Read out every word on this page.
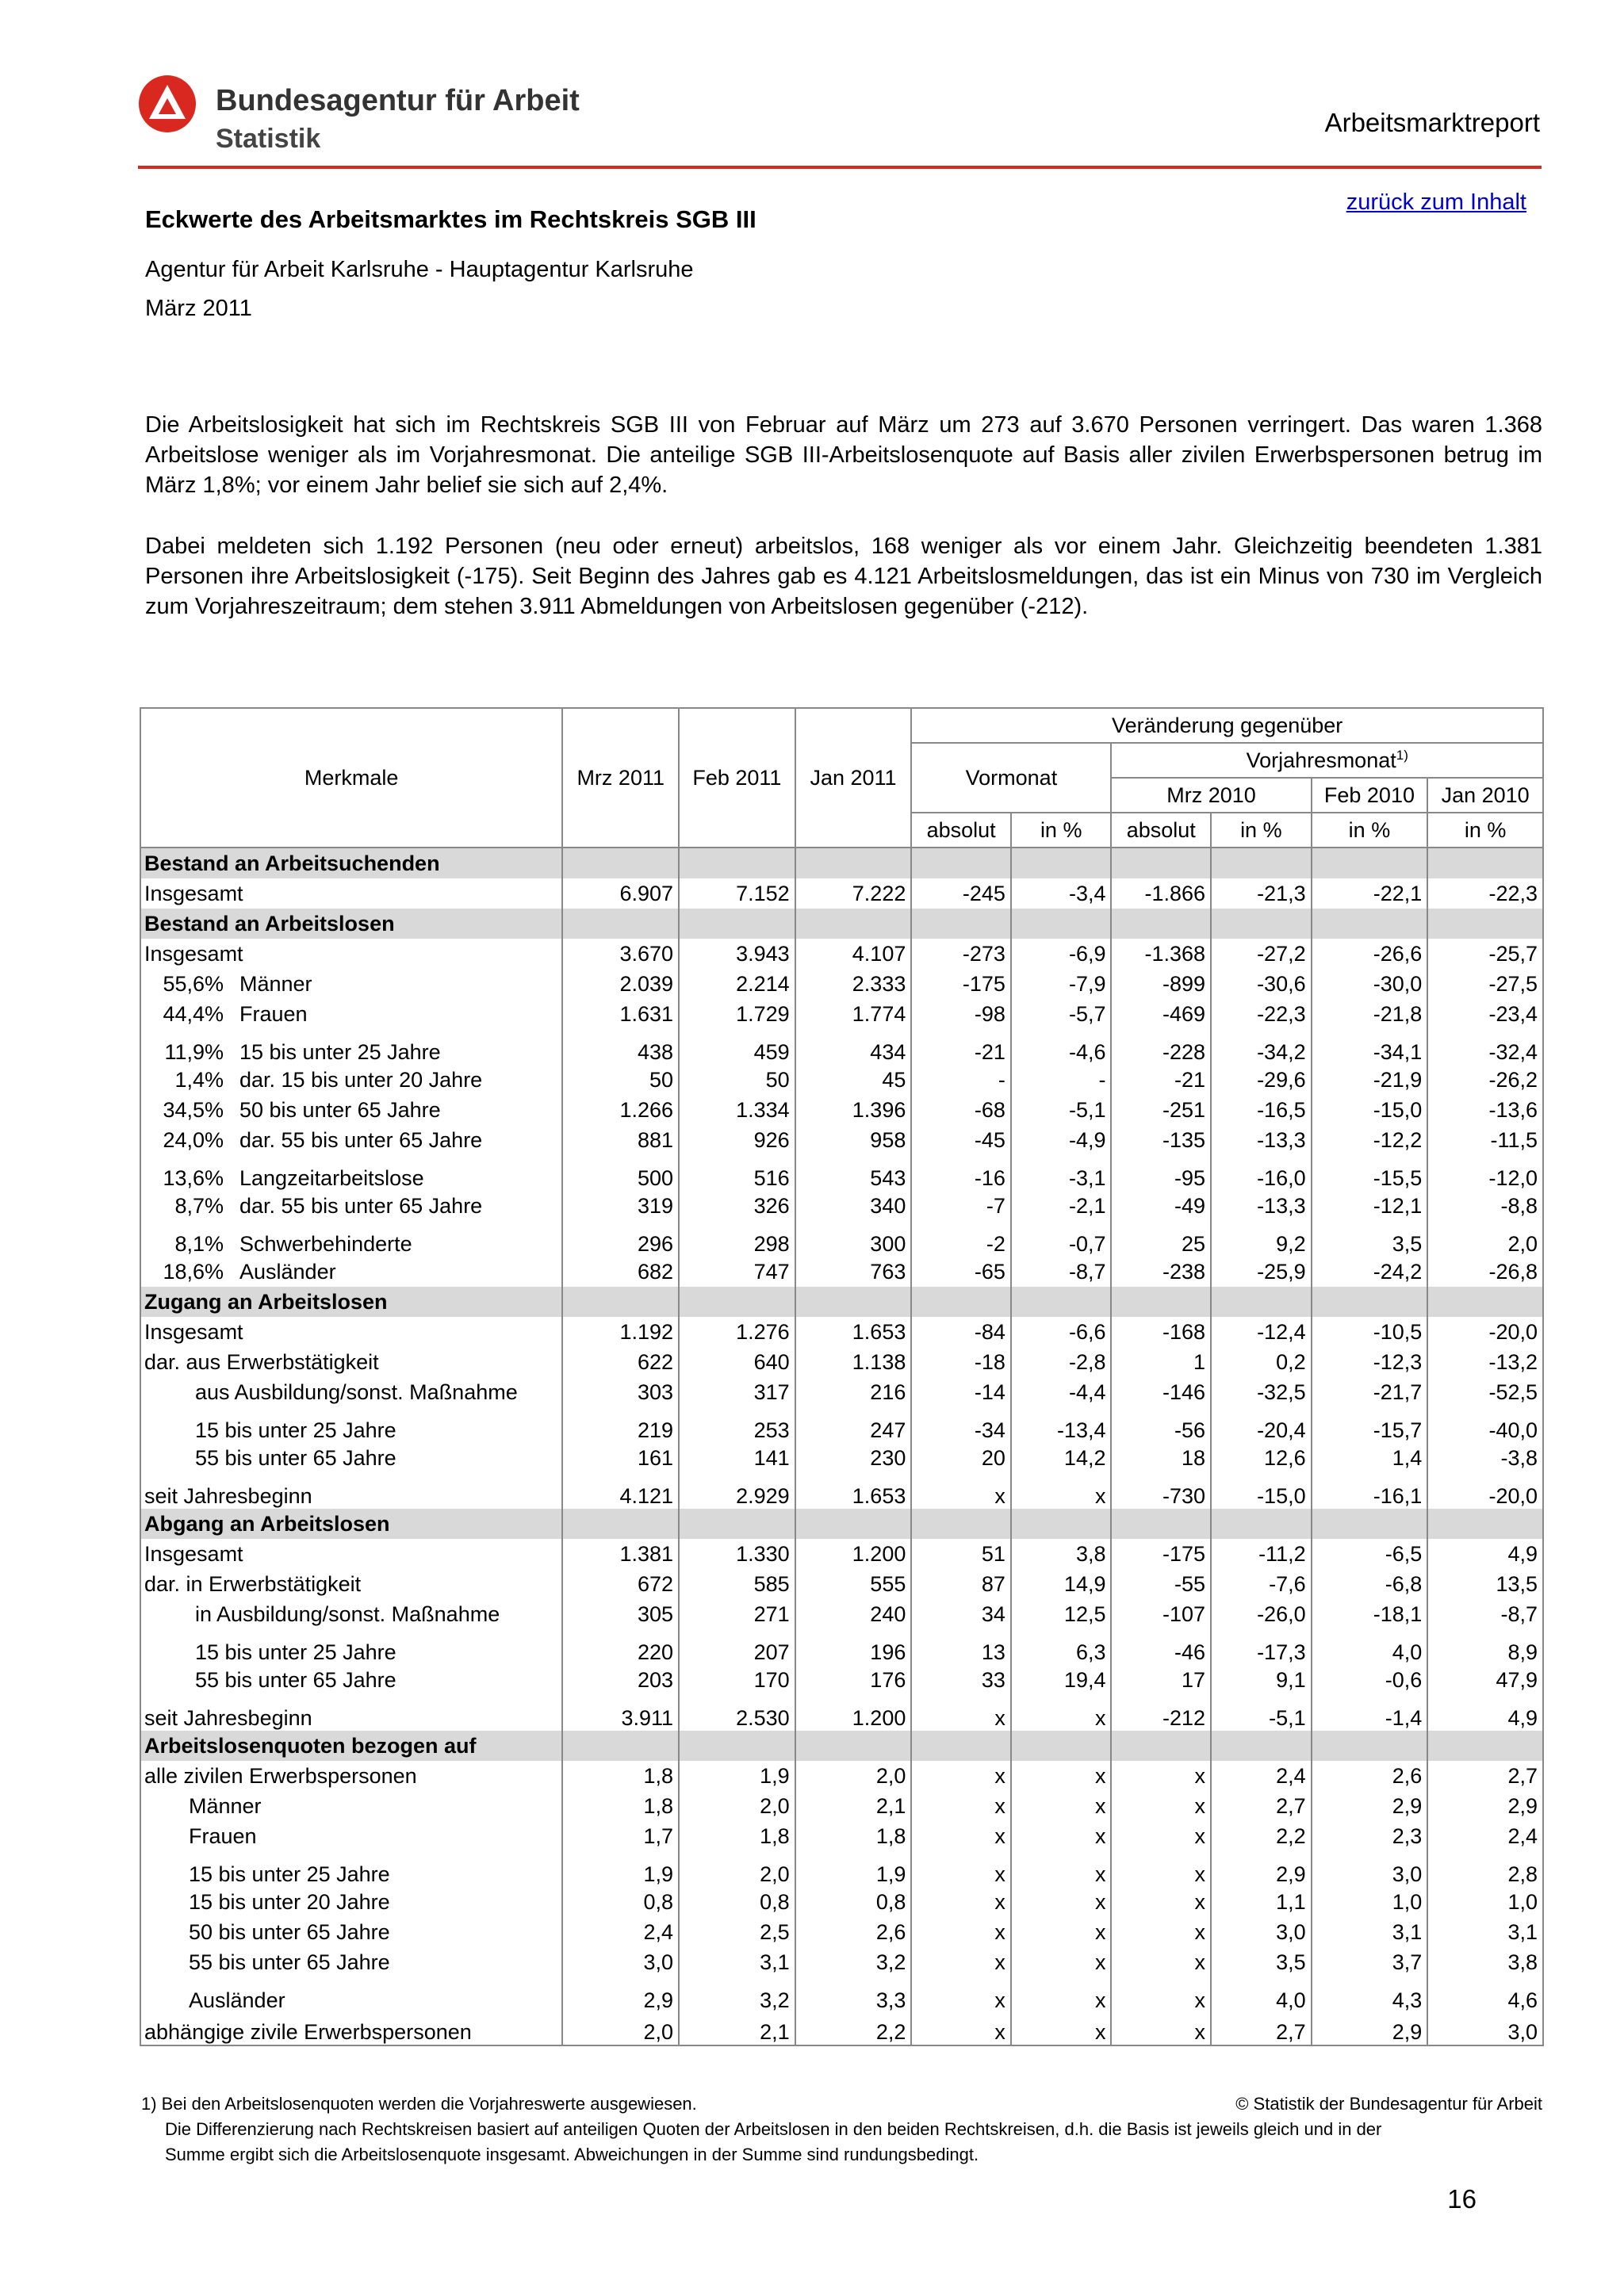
Bundesagentur für Arbeit
Statistik
Arbeitsmarktreport
zurück zum Inhalt
Eckwerte des Arbeitsmarktes im Rechtskreis SGB III
Agentur für Arbeit Karlsruhe - Hauptagentur Karlsruhe
März 2011

Die Arbeitslosigkeit hat sich im Rechtskreis SGB III von Februar auf März um 273 auf 3.670 Personen verringert. Das waren 1.368 Arbeitslose weniger als im Vorjahresmonat. Die anteilige SGB III-Arbeitslosenquote auf Basis aller zivilen Erwerbspersonen betrug im März 1,8%; vor einem Jahr belief sie sich auf 2,4%.

Dabei meldeten sich 1.192 Personen (neu oder erneut) arbeitslos, 168 weniger als vor einem Jahr. Gleichzeitig beendeten 1.381 Personen ihre Arbeitslosigkeit (-175). Seit Beginn des Jahres gab es 4.121 Arbeitslosmeldungen, das ist ein Minus von 730 im Vergleich zum Vorjahreszeitraum; dem stehen 3.911 Abmeldungen von Arbeitslosen gegenüber (-212).

Merkmale	Mrz 2011	Feb 2011	Jan 2011	Veränderung gegenüber					
				Vormonat		Vorjahresmonat$^{1)}$
						Mrz 2010		Feb 2010	Jan 2010
				absolut	in %	absolut	in %	in %	in %
Bestand an Arbeitsuchenden									
Insgesamt	6.907	7.152	7.222	-245	-3,4	-1.866	-21,3	-22,1	-22,3
Bestand an Arbeitslosen									
Insgesamt	3.670	3.943	4.107	-273	-6,9	-1.368	-27,2	-26,6	-25,7
55,6% Männer	2.039	2.214	2.333	-175	-7,9	-899	-30,6	-30,0	-27,5
44,4% Frauen	1.631	1.729	1.774	-98	-5,7	-469	-22,3	-21,8	-23,4
11,9% 15 bis unter 25 Jahre	438	459	434	-21	-4,6	-228	-34,2	-34,1	-32,4
1,4% dar. 15 bis unter 20 Jahre	50	50	45	-	-	-21	-29,6	-21,9	-26,2
34,5% 50 bis unter 65 Jahre	1.266	1.334	1.396	-68	-5,1	-251	-16,5	-15,0	-13,6
24,0% dar. 55 bis unter 65 Jahre	881	926	958	-45	-4,9	-135	-13,3	-12,2	-11,5
13,6% Langzeitarbeitslose	500	516	543	-16	-3,1	-95	-16,0	-15,5	-12,0
8,7% dar. 55 bis unter 65 Jahre	319	326	340	-7	-2,1	-49	-13,3	-12,1	-8,8
8,1% Schwerbehinderte	296	298	300	-2	-0,7	25	9,2	3,5	2,0
18,6% Ausländer	682	747	763	-65	-8,7	-238	-25,9	-24,2	-26,8
Zugang an Arbeitslosen									
Insgesamt	1.192	1.276	1.653	-84	-6,6	-168	-12,4	-10,5	-20,0
dar. aus Erwerbstätigkeit	622	640	1.138	-18	-2,8	1	0,2	-12,3	-13,2
aus Ausbildung/sonst. Maßnahme	303	317	216	-14	-4,4	-146	-32,5	-21,7	-52,5
15 bis unter 25 Jahre	219	253	247	-34	-13,4	-56	-20,4	-15,7	-40,0
55 bis unter 65 Jahre	161	141	230	20	14,2	18	12,6	1,4	-3,8
seit Jahresbeginn	4.121	2.929	1.653	x	x	-730	-15,0	-16,1	-20,0
Abgang an Arbeitslosen									
Insgesamt	1.381	1.330	1.200	51	3,8	-175	-11,2	-6,5	4,9
dar. in Erwerbstätigkeit	672	585	555	87	14,9	-55	-7,6	-6,8	13,5
in Ausbildung/sonst. Maßnahme	305	271	240	34	12,5	-107	-26,0	-18,1	-8,7
15 bis unter 25 Jahre	220	207	196	13	6,3	-46	-17,3	4,0	8,9
55 bis unter 65 Jahre	203	170	176	33	19,4	17	9,1	-0,6	47,9
seit Jahresbeginn	3.911	2.530	1.200	x	x	-212	-5,1	-1,4	4,9
Arbeitslosenquoten bezogen auf									
alle zivilen Erwerbspersonen	1,8	1,9	2,0	x	x	x	2,4	2,6	2,7
Männer	1,8	2,0	2,1	x	x	x	2,7	2,9	2,9
Frauen	1,7	1,8	1,8	x	x	x	2,2	2,3	2,4
15 bis unter 25 Jahre	1,9	2,0	1,9	x	x	x	2,9	3,0	2,8
15 bis unter 20 Jahre	0,8	0,8	0,8	x	x	x	1,1	1,0	1,0
50 bis unter 65 Jahre	2,4	2,5	2,6	x	x	x	3,0	3,1	3,1
55 bis unter 65 Jahre	3,0	3,1	3,2	x	x	x	3,5	3,7	3,8
Ausländer	2,9	3,2	3,3	x	x	x	4,0	4,3	4,6
abhängige zivile Erwerbspersonen	2,0	2,1	2,2	x	x	x	2,7	2,9	3,0
1) Bei den Arbeitslosenquoten werden die Vorjahreswerte ausgewiesen.
Die Differenzierung nach Rechtskreisen basiert auf anteiligen Quoten der Arbeitslosen in den beiden Rechtskreisen, d.h. die Basis ist jeweils gleich und in der
Summe ergibt sich die Arbeitslosenquote insgesamt. Abweichungen in der Summe sind rundungsbedingt.
© Statistik der Bundesagentur für Arbeit
16
